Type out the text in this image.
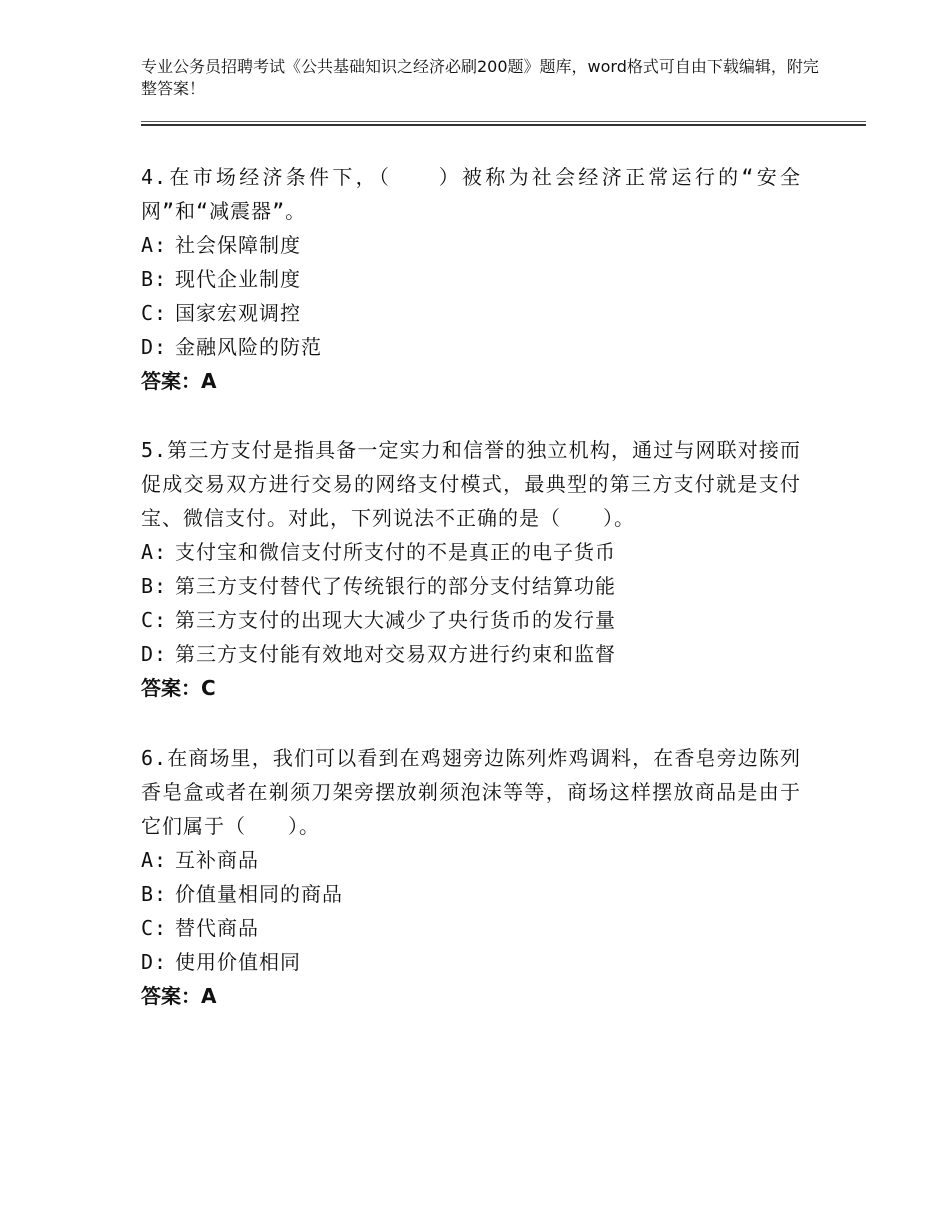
专业公务员招聘考试《公共基础知识之经济必刷200题》题库，word格式可自由下载编辑，附完整答案！

4.在市场经济条件下，（　　）被称为社会经济正常运行的“安全网”和“减震器”。

A: 社会保障制度

B: 现代企业制度

C: 国家宏观调控

D: 金融风险的防范

答案：A

5.第三方支付是指具备一定实力和信誉的独立机构，通过与网联对接而促成交易双方进行交易的网络支付模式，最典型的第三方支付就是支付宝、微信支付。对此，下列说法不正确的是（　　）。

A: 支付宝和微信支付所支付的不是真正的电子货币

B: 第三方支付替代了传统银行的部分支付结算功能

C: 第三方支付的出现大大减少了央行货币的发行量

D: 第三方支付能有效地对交易双方进行约束和监督

答案：C

6.在商场里，我们可以看到在鸡翅旁边陈列炸鸡调料，在香皂旁边陈列香皂盒或者在剃须刀架旁摆放剃须泡沫等等，商场这样摆放商品是由于它们属于（　　）。

A: 互补商品

B: 价值量相同的商品

C: 替代商品

D: 使用价值相同

答案：A
